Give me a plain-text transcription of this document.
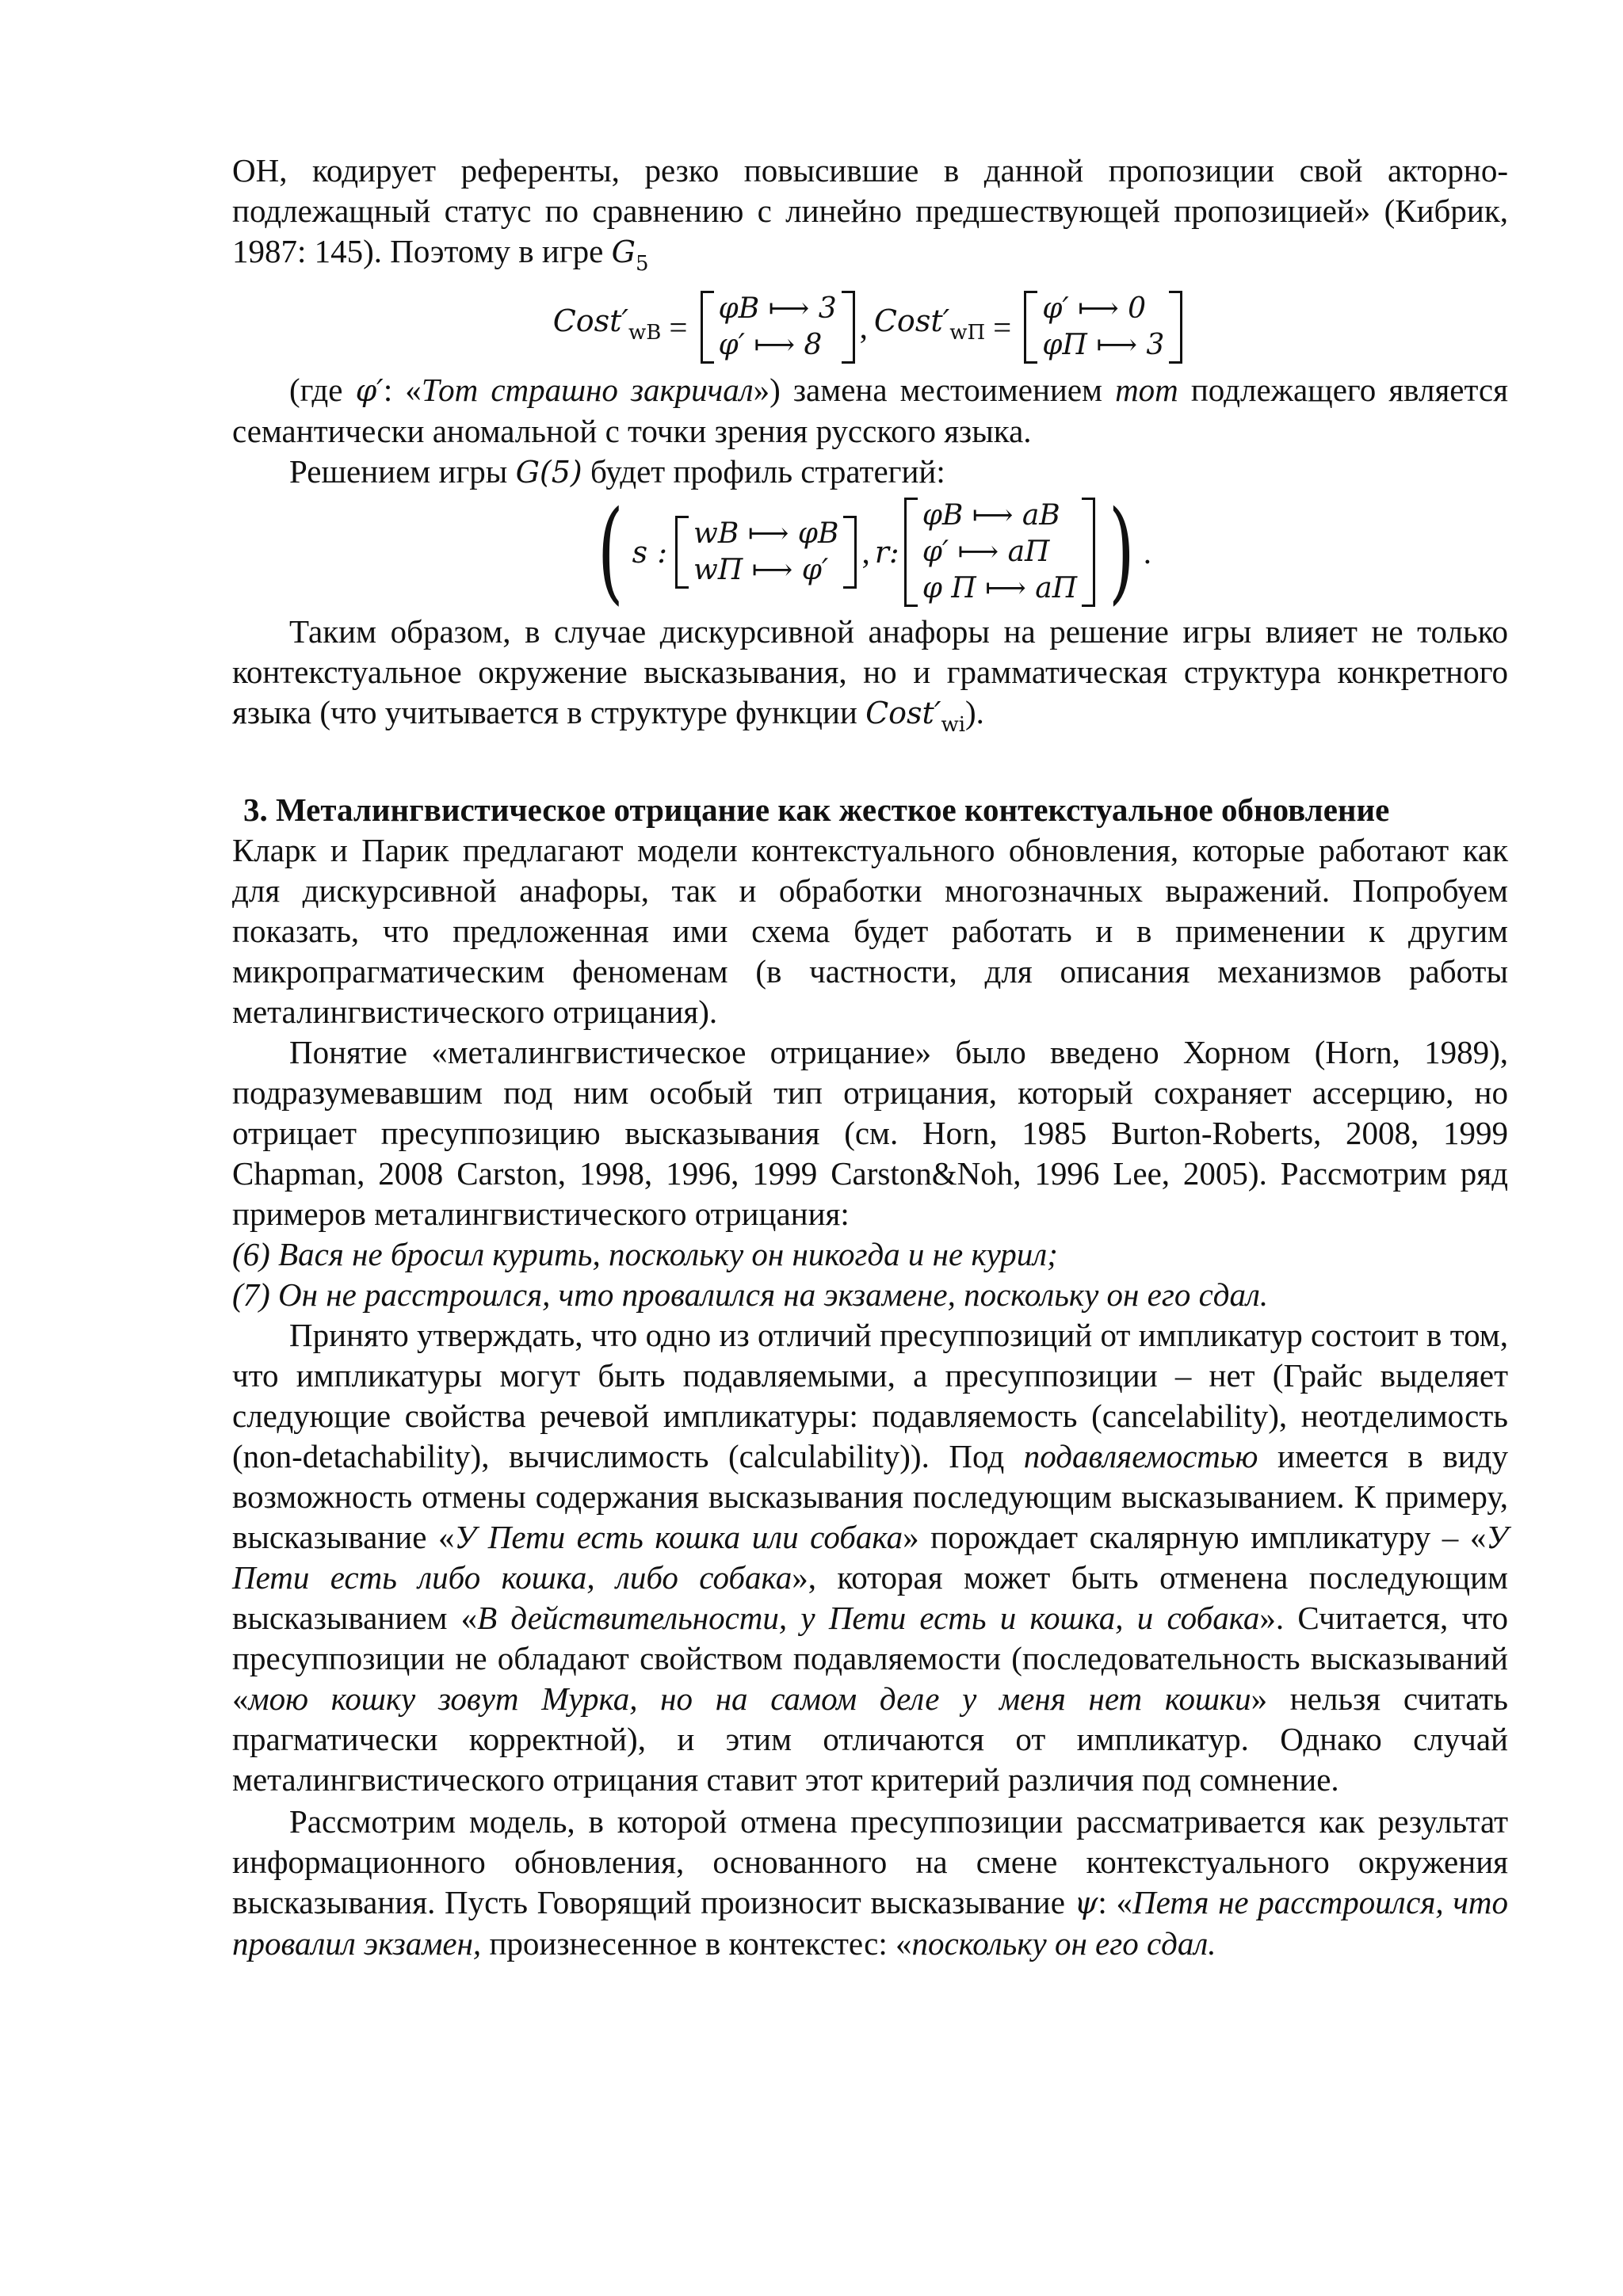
ОН, кодирует референты, резко повысившие в данной пропозиции свой акторно-подлежащный статус по сравнению с линейно предшествующей пропозицией» (Кибрик, 1987: 145). Поэтому в игре $G_5$

$Cost'_{wВ} = \varphi В$ ⟼ 3
φ′ ⟼ 8	, $Cost'_{wП} = \varphi'$ ⟼ 0
φП ⟼ 3

(где φ′: «Тот страшно закричал») замена местоимением тот подлежащего является семантически аномальной с точки зрения русского языка.

Решением игры G(5) будет профиль стратегий:

( s :
wВ ⟼ φВ
wП ⟼ φ′	, r:
φВ ⟼ aВ
φ′ ⟼ aП
φ П ⟼ aП ) .

Таким образом, в случае дискурсивной анафоры на решение игры влияет не только контекстуальное окружение высказывания, но и грамматическая структура конкретного языка (что учитывается в структуре функции $Cost'_{wi}$).

3. Металингвистическое отрицание как жесткое контекстуальное обновление

Кларк и Парик предлагают модели контекстуального обновления, которые работают как для дискурсивной анафоры, так и обработки многозначных выражений. Попробуем показать, что предложенная ими схема будет работать и в применении к другим микропрагматическим феноменам (в частности, для описания механизмов работы металингвистического отрицания).

Понятие «металингвистическое отрицание» было введено Хорном (Horn, 1989), подразумевавшим под ним особый тип отрицания, который сохраняет ассерцию, но отрицает пресуппозицию высказывания (см. Horn, 1985 Burton-Roberts, 2008, 1999 Chapman, 2008 Carston, 1998, 1996, 1999 Carston&Noh, 1996 Lee, 2005). Рассмотрим ряд примеров металингвистического отрицания:

(6) Вася не бросил курить, поскольку он никогда и не курил;

(7) Он не расстроился, что провалился на экзамене, поскольку он его сдал.

Принято утверждать, что одно из отличий пресуппозиций от импликатур состоит в том, что импликатуры могут быть подавляемыми, а пресуппозиции – нет (Грайс выделяет следующие свойства речевой импликатуры: подавляемость (cancelability), неотделимость (non-detachability), вычислимость (calculability)). Под подавляемостью имеется в виду возможность отмены содержания высказывания последующим высказыванием. К примеру, высказывание «У Пети есть кошка или собака» порождает скалярную импликатуру – «У Пети есть либо кошка, либо собака», которая может быть отменена последующим высказыванием «В действительности, у Пети есть и кошка, и собака». Считается, что пресуппозиции не обладают свойством подавляемости (последовательность высказываний «мою кошку зовут Мурка, но на самом деле у меня нет кошки» нельзя считать прагматически корректной), и этим отличаются от импликатур. Однако случай металингвистического отрицания ставит этот критерий различия под сомнение.

Рассмотрим модель, в которой отмена пресуппозиции рассматривается как результат информационного обновления, основанного на смене контекстуального окружения высказывания. Пусть Говорящий произносит высказывание ψ: «Петя не расстроился, что провалил экзамен, произнесенное в контекстес: «поскольку он его сдал.
